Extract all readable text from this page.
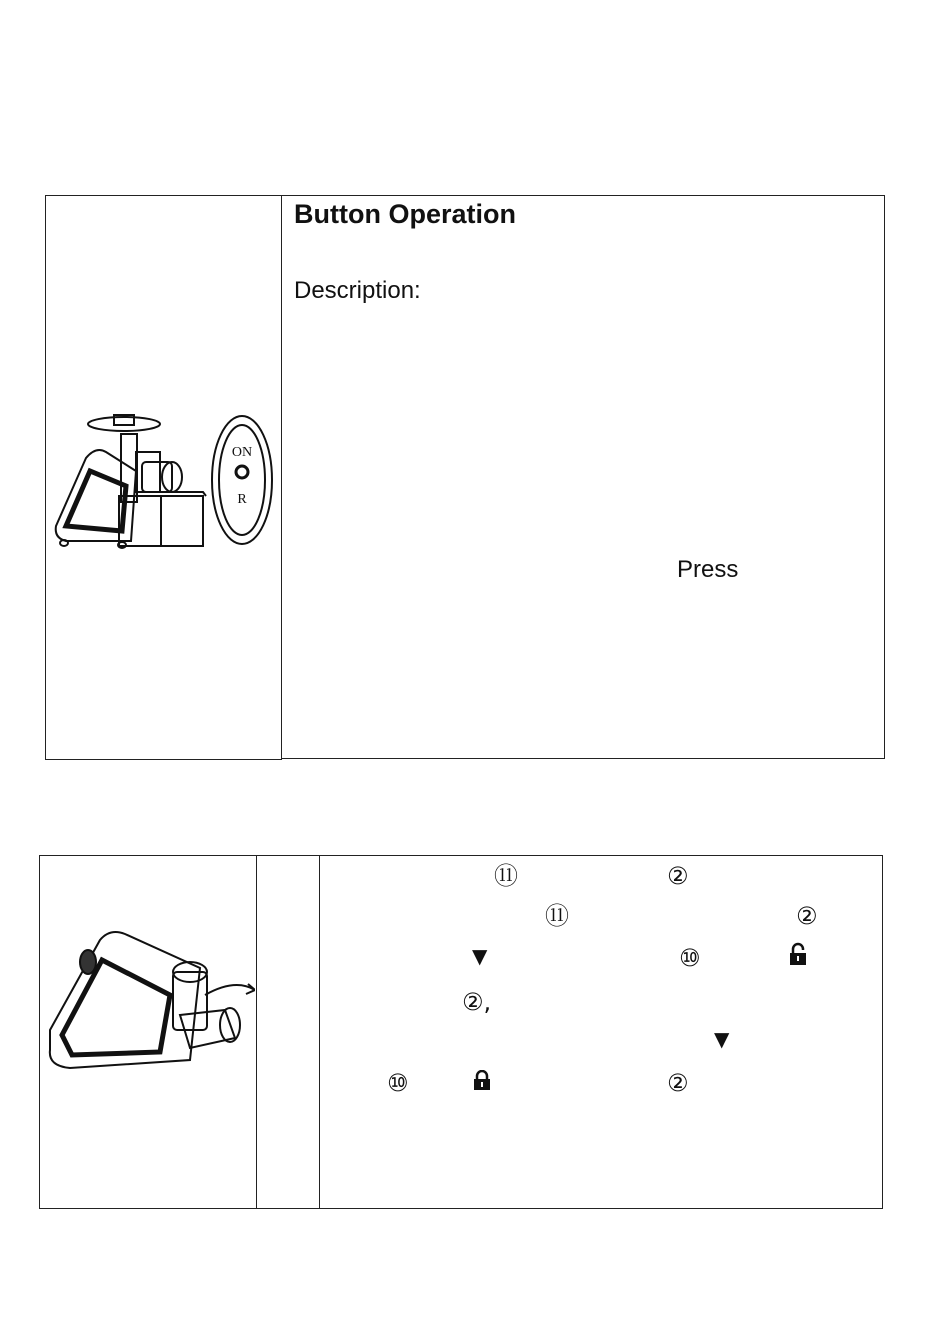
ON
R
Button Operation
Description:
Press
⑪	②
⑪	②
⑩
②,
⑩	②
▼
▼
